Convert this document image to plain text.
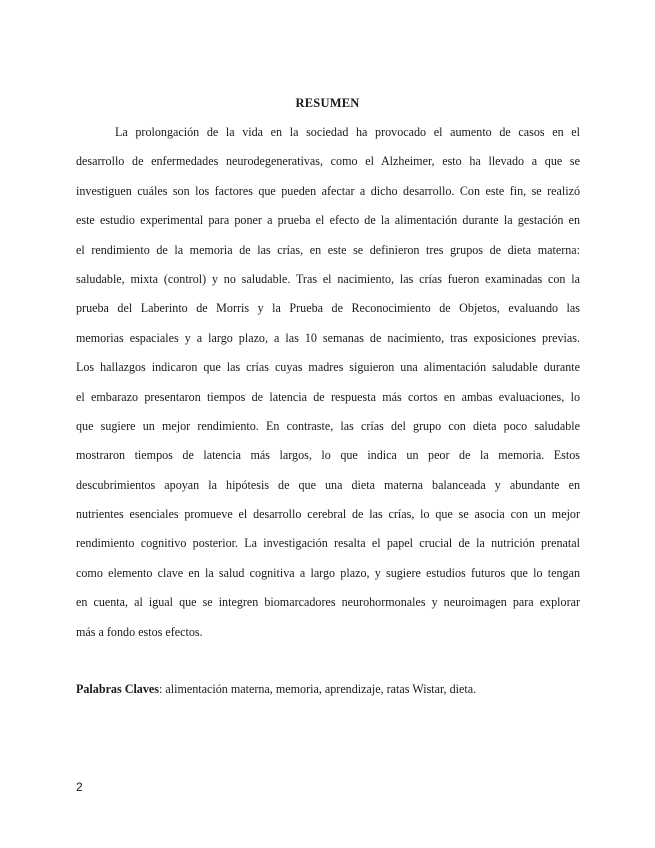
RESUMEN
La prolongación de la vida en la sociedad ha provocado el aumento de casos en el
desarrollo de enfermedades neurodegenerativas, como el Alzheimer, esto ha llevado a que se
investiguen cuáles son los factores que pueden afectar a dicho desarrollo. Con este fin, se realizó
este estudio experimental para poner a prueba el efecto de la alimentación durante la gestación en
el rendimiento de la memoria de las crías, en este se definieron tres grupos de dieta materna:
saludable, mixta (control) y no saludable. Tras el nacimiento, las crías fueron examinadas con la
prueba del Laberinto de Morris y la Prueba de Reconocimiento de Objetos, evaluando las
memorias espaciales y a largo plazo, a las 10 semanas de nacimiento, tras exposiciones previas.
Los hallazgos indicaron que las crías cuyas madres siguieron una alimentación saludable durante
el embarazo presentaron tiempos de latencia de respuesta más cortos en ambas evaluaciones, lo
que sugiere un mejor rendimiento. En contraste, las crías del grupo con dieta poco saludable
mostraron tiempos de latencia más largos, lo que indica un peor de la memoria. Estos
descubrimientos apoyan la hipótesis de que una dieta materna balanceada y abundante en
nutrientes esenciales promueve el desarrollo cerebral de las crías, lo que se asocia con un mejor
rendimiento cognitivo posterior. La investigación resalta el papel crucial de la nutrición prenatal
como elemento clave en la salud cognitiva a largo plazo, y sugiere estudios futuros que lo tengan
en cuenta, al igual que se integren biomarcadores neurohormonales y neuroimagen para explorar
más a fondo estos efectos.
Palabras Claves: alimentación materna, memoria, aprendizaje, ratas Wistar, dieta.
2
